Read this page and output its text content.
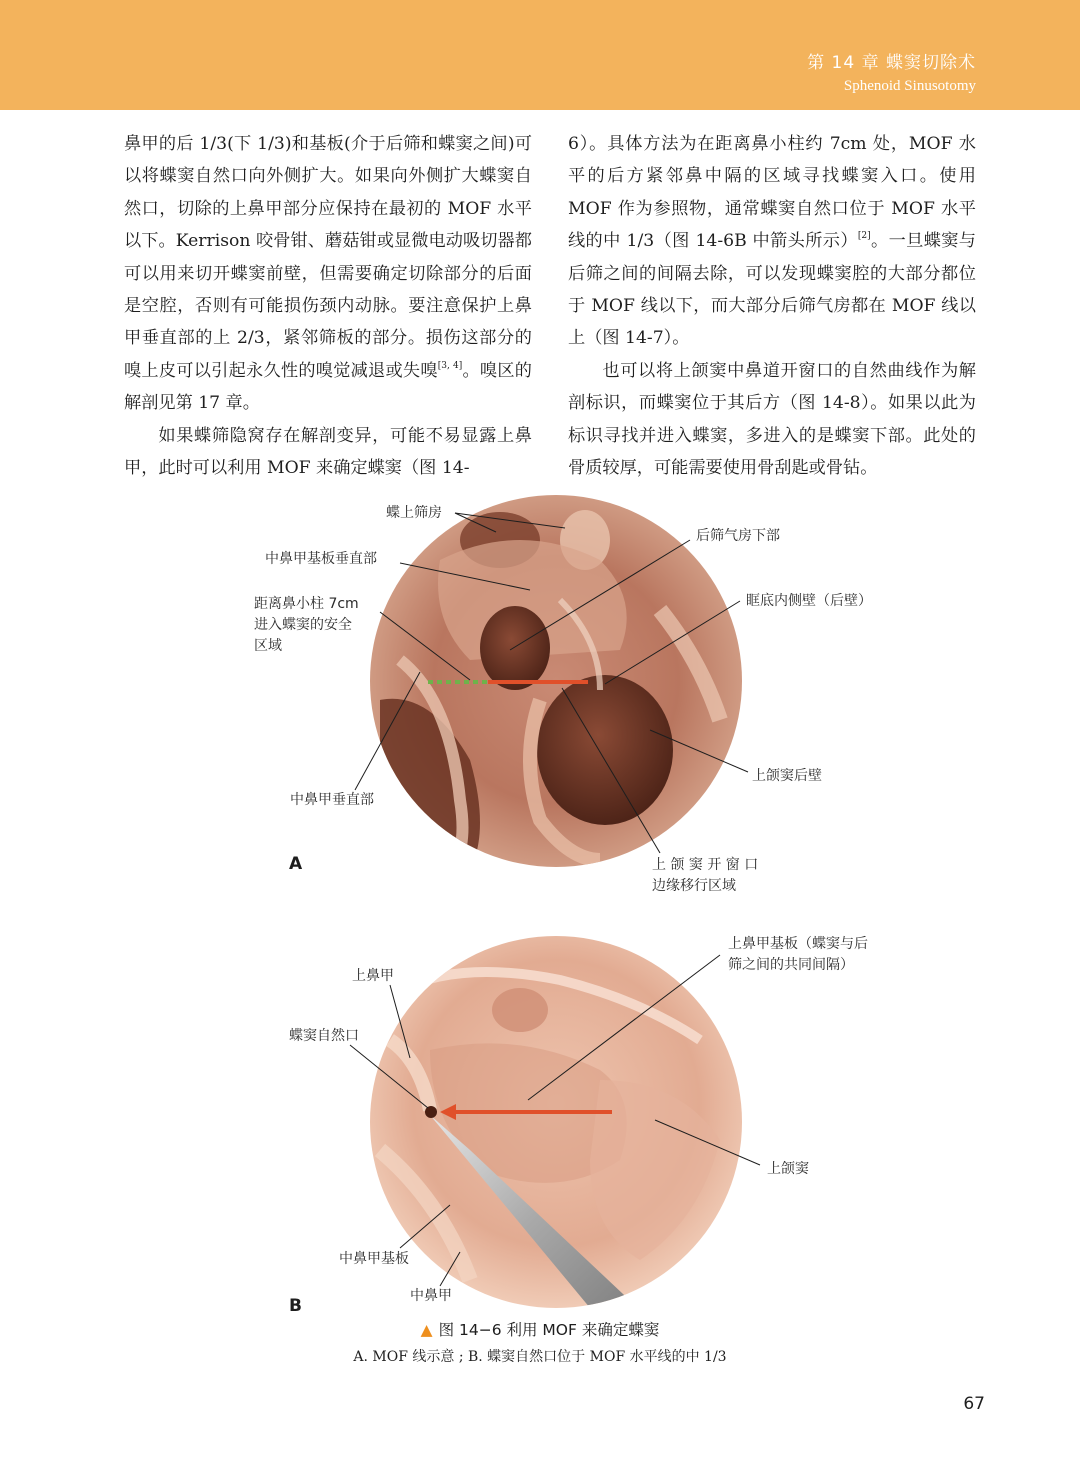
第 14 章 蝶窦切除术
Sphenoid Sinusotomy

鼻甲的后 1/3(下 1/3)和基板(介于后筛和蝶窦之间)可以将蝶窦自然口向外侧扩大。如果向外侧扩大蝶窦自然口，切除的上鼻甲部分应保持在最初的 MOF 水平以下。Kerrison 咬骨钳、蘑菇钳或显微电动吸切器都可以用来切开蝶窦前壁，但需要确定切除部分的后面是空腔，否则有可能损伤颈内动脉。要注意保护上鼻甲垂直部的上 2/3，紧邻筛板的部分。损伤这部分的嗅上皮可以引起永久性的嗅觉减退或失嗅[3, 4]。嗅区的解剖见第 17 章。

如果蝶筛隐窝存在解剖变异，可能不易显露上鼻甲，此时可以利用 MOF 来确定蝶窦（图 14-

6）。具体方法为在距离鼻小柱约 7cm 处，MOF 水平的后方紧邻鼻中隔的区域寻找蝶窦入口。使用 MOF 作为参照物，通常蝶窦自然口位于 MOF 水平线的中 1/3（图 14-6B 中箭头所示）[2]。一旦蝶窦与后筛之间的间隔去除，可以发现蝶窦腔的大部分都位于 MOF 线以下，而大部分后筛气房都在 MOF 线以上（图 14-7）。

也可以将上颌窦中鼻道开窗口的自然曲线作为解剖标识，而蝶窦位于其后方（图 14-8）。如果以此为标识寻找并进入蝶窦，多进入的是蝶窦下部。此处的骨质较厚，可能需要使用骨刮匙或骨钻。

蝶上筛房
中鼻甲基板垂直部
距离鼻小柱 7cm
进入蝶窦的安全
区域
中鼻甲垂直部
后筛气房下部
眶底内侧壁（后壁）
上颌窦后壁
上 颌 窦 开 窗 口
边缘移行区域
A
上鼻甲
蝶窦自然口
中鼻甲基板
中鼻甲
上鼻甲基板（蝶窦与后
筛之间的共同间隔）
上颌窦
B
▲ 图 14−6 利用 MOF 来确定蝶窦
A. MOF 线示意 ; B. 蝶窦自然口位于 MOF 水平线的中 1/3
67
